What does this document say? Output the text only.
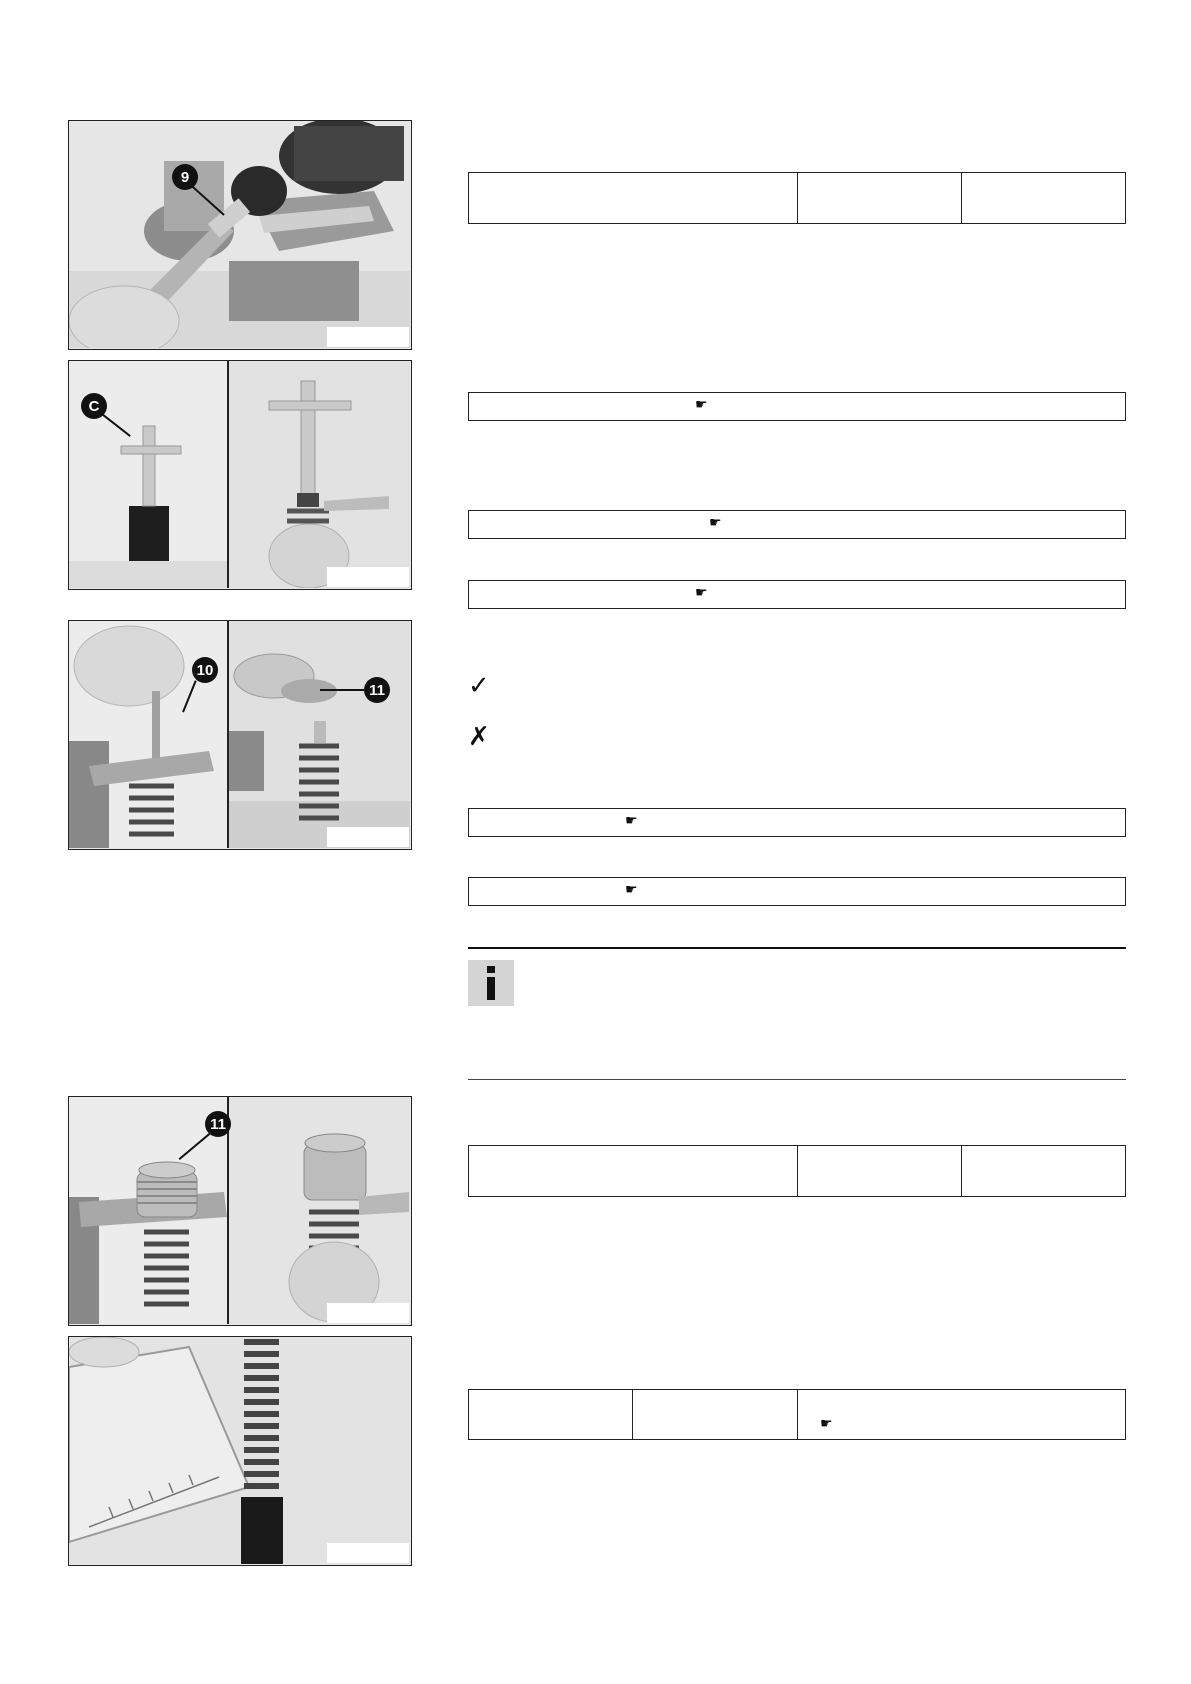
9
C
10
11
11
☛
☛
☛
✓
✗
☛
☛
☛
